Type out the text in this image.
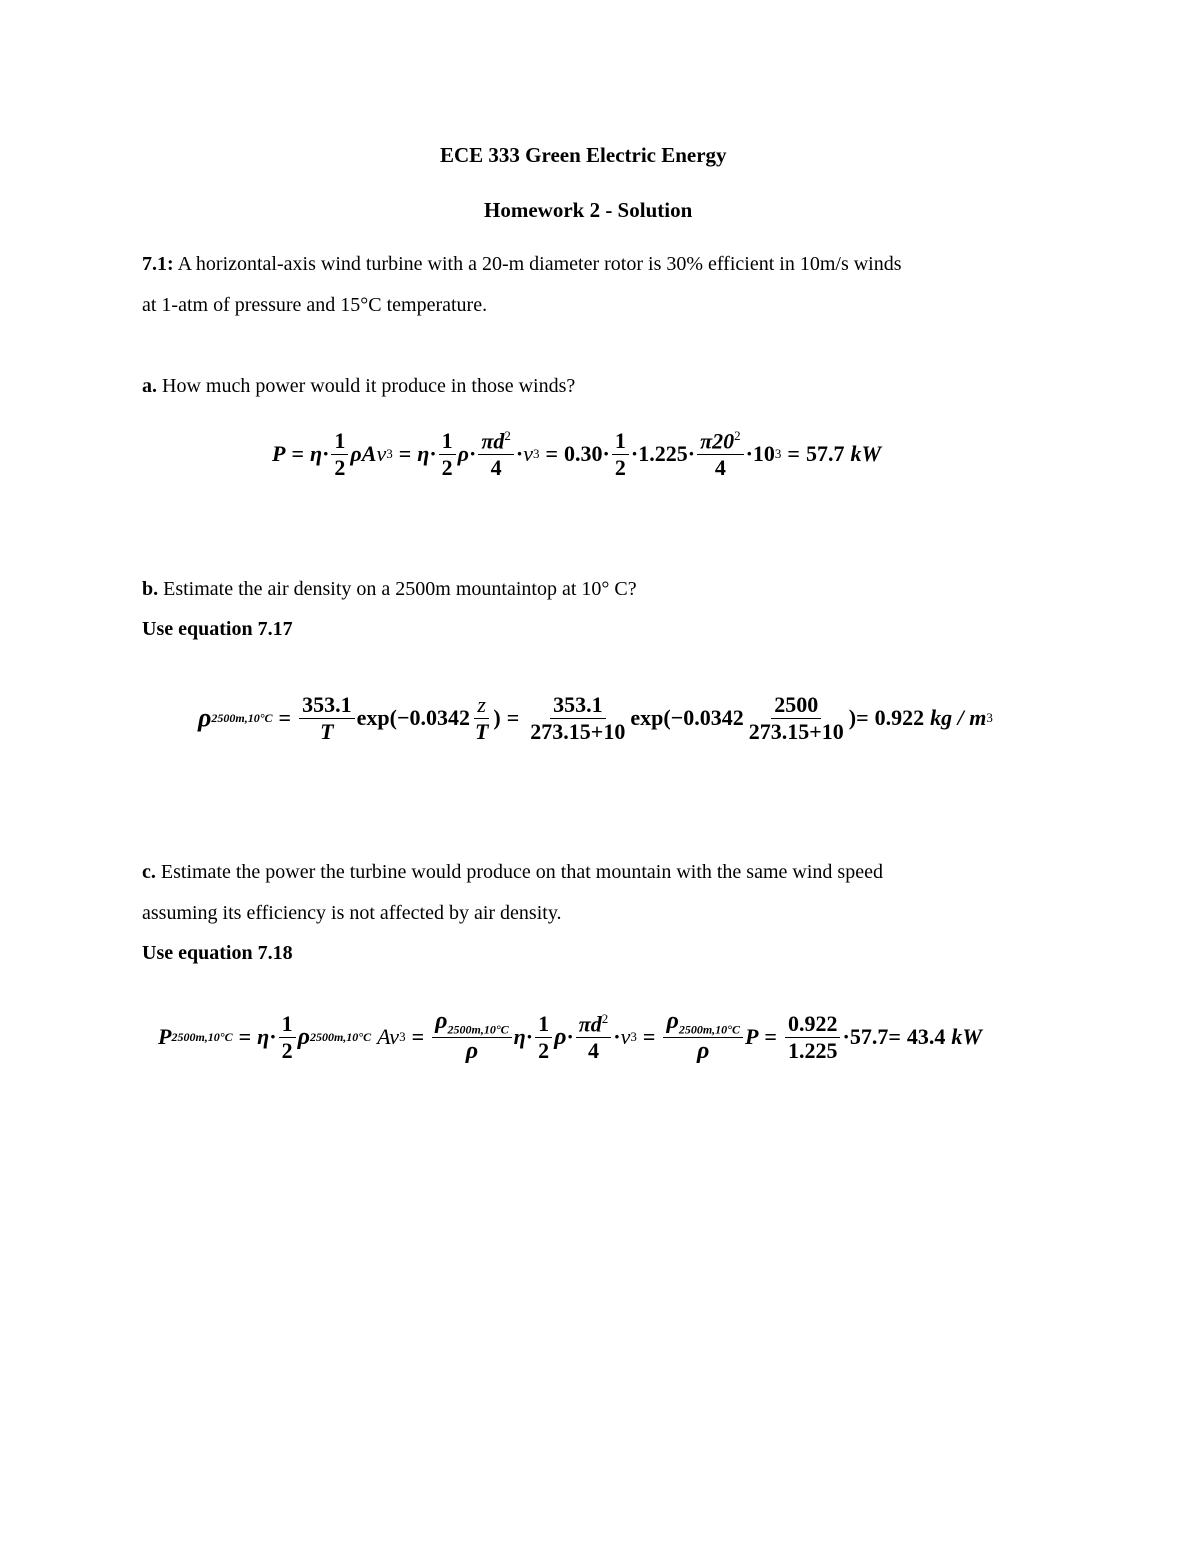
ECE 333 Green Electric Energy
Homework 2 - Solution
7.1: A horizontal-axis wind turbine with a 20-m diameter rotor is 30% efficient in 10m/s winds
at 1-atm of pressure and 15°C temperature.
a. How much power would it produce in those winds?
$P = \eta \cdot \frac{1}{2}$ ρA v $3 = \eta \cdot \frac{1}{2}$ $\rho \cdot \frac{\pi d^2}{4} \cdot v$ $3 = 0.30 \cdot \frac{1}{2} \cdot 1.225 \cdot \frac{\pi 20^2}{4} \cdot 10$ 3 = 57.7 kW
b. Estimate the air density on a 2500m mountaintop at 10° C?
Use equation 7.17
ρ $2500m,10^\circ C = \frac{353.1}{T} \exp(-0.0342 \frac{z}{T}$ ) = $\frac{353.1}{273.15+10} \exp(-0.0342 \frac{2500}{273.15+10}$ ) = 0.922 kg / m 3
c. Estimate the power the turbine would produce on that mountain with the same wind speed
assuming its efficiency is not affected by air density.
Use equation 7.18
P $2500m,10^\circ C = \eta \cdot \frac{1}{2}$ ρ 2500m,10°C Av $3 = \frac{\rho_{2500m,10^\circ C}}{\rho}$ $\eta \cdot \frac{1}{2}$ $\rho \cdot \frac{\pi d^2}{4} \cdot v$ $3 = \frac{\rho_{2500m,10^\circ C}}{\rho}$ $P = \frac{0.922}{1.225} \cdot 57.7 = 43.4$ kW
